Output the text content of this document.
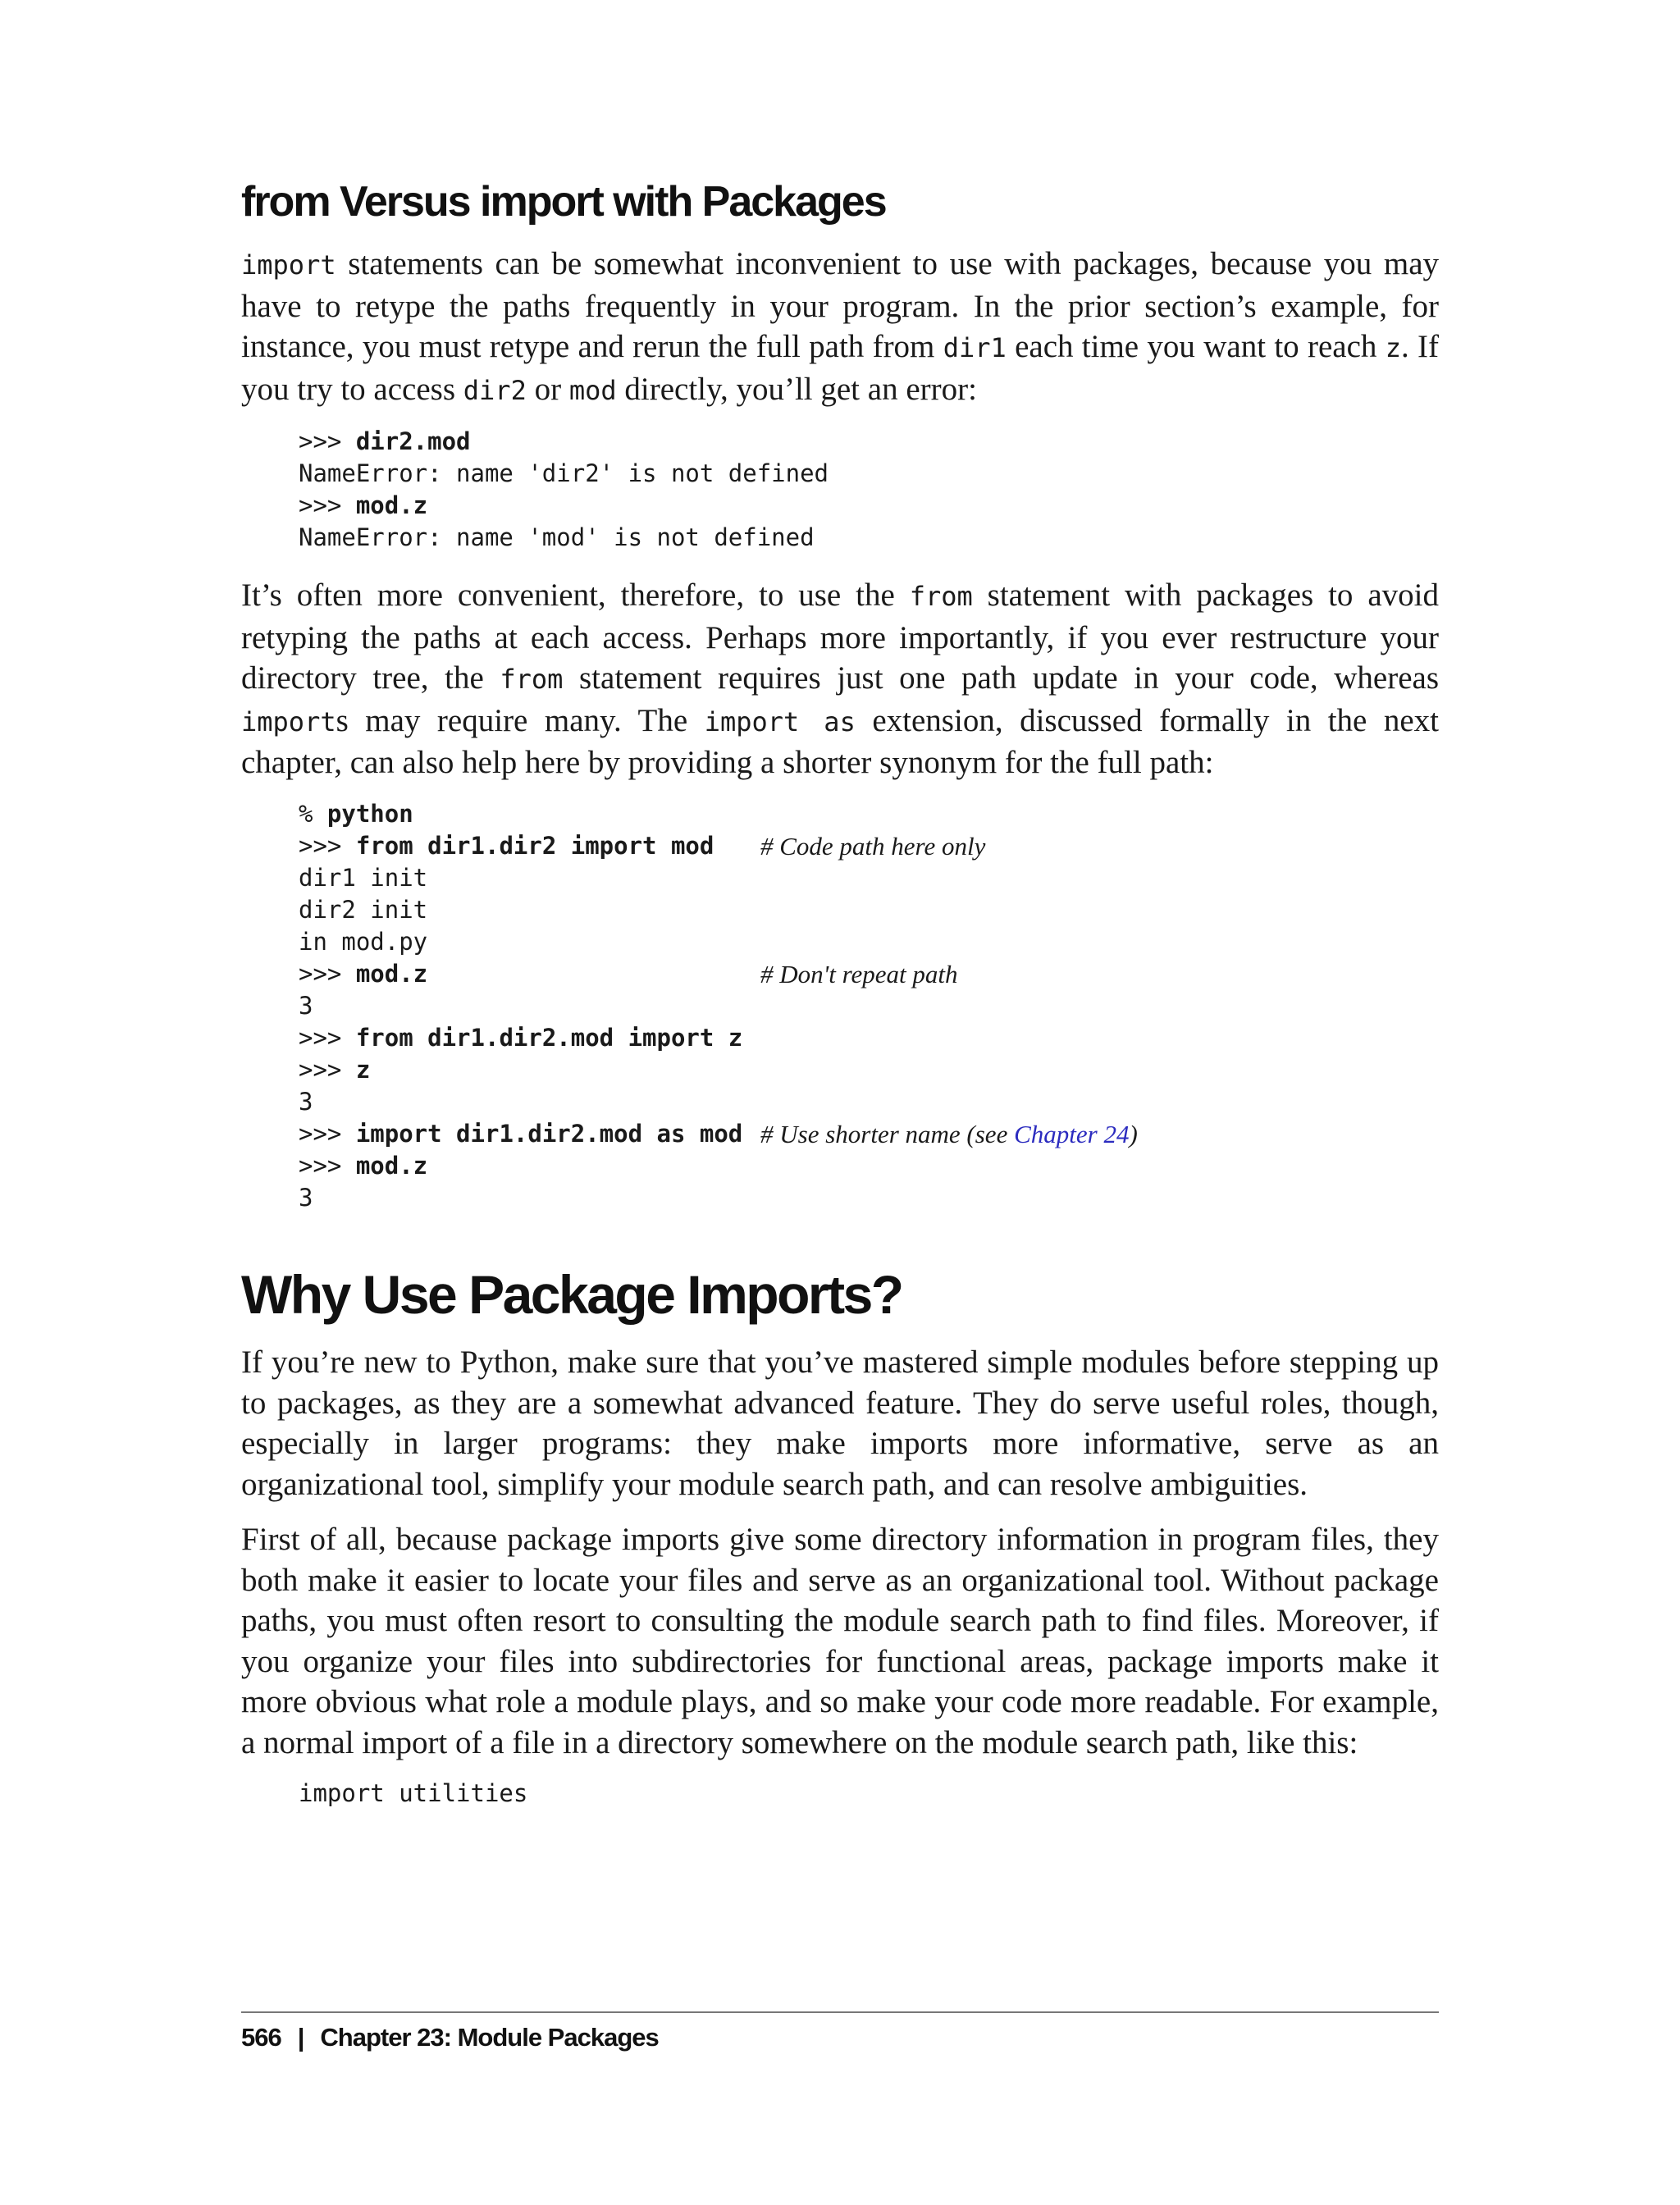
from Versus import with Packages

import statements can be somewhat inconvenient to use with packages, because you may have to retype the paths frequently in your program. In the prior section’s example, for instance, you must retype and rerun the full path from dir1 each time you want to reach z. If you try to access dir2 or mod directly, you’ll get an error:

>>> dir2.mod
NameError: name 'dir2' is not defined
>>> mod.z
NameError: name 'mod' is not defined

It’s often more convenient, therefore, to use the from statement with packages to avoid retyping the paths at each access. Perhaps more importantly, if you ever restructure your directory tree, the from statement requires just one path update in your code, whereas imports may require many. The import as extension, discussed formally in the next chapter, can also help here by providing a shorter synonym for the full path:

% python
>>> from dir1.dir2 import mod # Code path here only
dir1 init
dir2 init
in mod.py
>>> mod.z	# Don't repeat path
3
>>> from dir1.dir2.mod import z
>>> z
3
>>> import dir1.dir2.mod as mod # Use shorter name (see Chapter 24)
>>> mod.z
3
Why Use Package Imports?

If you’re new to Python, make sure that you’ve mastered simple modules before stepping up to packages, as they are a somewhat advanced feature. They do serve useful roles, though, especially in larger programs: they make imports more informative, serve as an organizational tool, simplify your module search path, and can resolve ambiguities.

First of all, because package imports give some directory information in program files, they both make it easier to locate your files and serve as an organizational tool. Without package paths, you must often resort to consulting the module search path to find files. Moreover, if you organize your files into subdirectories for functional areas, package imports make it more obvious what role a module plays, and so make your code more readable. For example, a normal import of a file in a directory somewhere on the module search path, like this:

import utilities
566 | Chapter 23: Module Packages
